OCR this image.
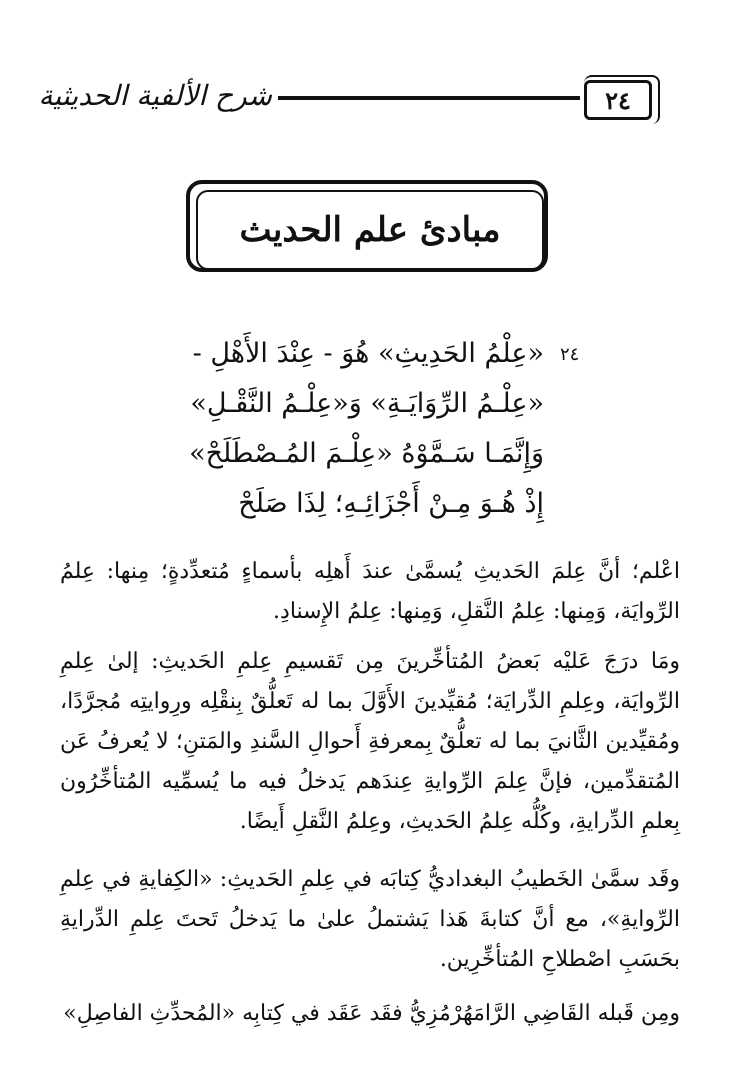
شرح الألفية الحديثية	٢٤
مبادئ علم الحديث
٢٤
«عِلْمُ الحَدِيثِ» هُوَ - عِنْدَ الأَهْلِ -
«عِلْـمُ الرِّوَايَـةِ» وَ«عِلْـمُ النَّقْـلِ»
وَإِنَّمَـا سَـمَّوْهُ «عِلْـمَ المُـصْطَلَحْ»
إِذْ هُـوَ مِـنْ أَجْزَائِـهِ؛ لِذَا صَلَحْ

اعْلم؛ أنَّ عِلمَ الحَديثِ يُسمَّىٰ عندَ أَهلِه بأسماءٍ مُتعدِّدةٍ؛ مِنها: عِلمُ الرِّوايَة، وَمِنها: عِلمُ النَّقلِ، وَمِنها: عِلمُ الإِسنادِ.

ومَا درَجَ عَليْه بَعضُ المُتأخِّرينَ مِن تَقسيمِ عِلمِ الحَديثِ: إلىٰ عِلمِ الرِّوايَة، وعِلمِ الدِّرايَة؛ مُقيِّدينَ الأَوَّلَ بما له تَعلُّقٌ بِنقْلِه ورِوايتِه مُجرَّدًا، ومُقيِّدين الثَّانيَ بما له تعلُّقٌ بِمعرفةِ أَحوالِ السَّندِ والمَتنِ؛ لا يُعرفُ عَن المُتقدِّمين، فإنَّ عِلمَ الرِّوايةِ عِندَهم يَدخلُ فيه ما يُسمِّيه المُتأخِّرُون بِعلمِ الدِّرايةِ، وكُلُّه عِلمُ الحَديثِ، وعِلمُ النَّقلِ أَيضًا.

وقَد سمَّىٰ الخَطيبُ البغداديُّ كِتابَه في عِلمِ الحَديثِ: «الكِفايةِ في عِلمِ الرِّوايةِ»، مع أنَّ كتابةَ هَذا يَشتملُ علىٰ ما يَدخلُ تَحتَ عِلمِ الدِّرايةِ بحَسَبِ اصْطلاحِ المُتأخِّرِين.

ومِن قَبله القَاضِي الرَّامَهُرْمُزِيُّ فقَد عَقَد في كِتابِه «المُحدِّثِ الفاصِلِ»
